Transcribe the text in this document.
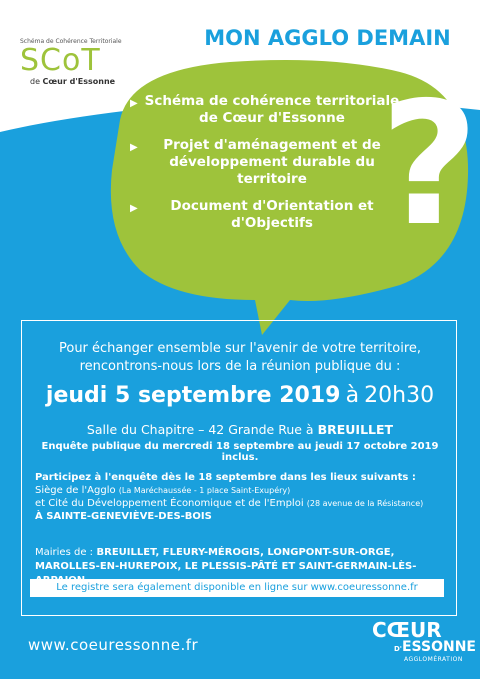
Schéma de Cohérence Territoriale
SCoT
de Cœur d'Essonne
MON AGGLO DEMAIN
▶ Schéma de cohérence territoriale de Cœur d'Essonne
▶	Projet d'aménagement et de développement durable du territoire
▶	Document d'Orientation et d'Objectifs ?
Pour échanger ensemble sur l'avenir de votre territoire,
rencontrons-nous lors de la réunion publique du :
jeudi 5 septembre 2019 à 20h30
Salle du Chapitre – 42 Grande Rue à BREUILLET
Enquête publique du mercredi 18 septembre au jeudi 17 octobre 2019 inclus.
Participez à l'enquête dès le 18 septembre dans les lieux suivants :
Siège de l'Agglo (La Maréchaussée - 1 place Saint-Exupéry)
et Cité du Développement Économique et de l'Emploi (28 avenue de la Résistance)
À SAINTE-GENEVIÈVE-DES-BOIS
Mairies de : BREUILLET, FLEURY-MÉROGIS, LONGPONT-SUR-ORGE,
MAROLLES-EN-HUREPOIX, LE PLESSIS-PÂTÉ ET SAINT-GERMAIN-LÈS-
Le registre sera également disponible en ligne sur www.coeuressonne.fr
www.coeuressonne.fr
CŒUR
D'ESSONNE
AGGLOMÉRATION
